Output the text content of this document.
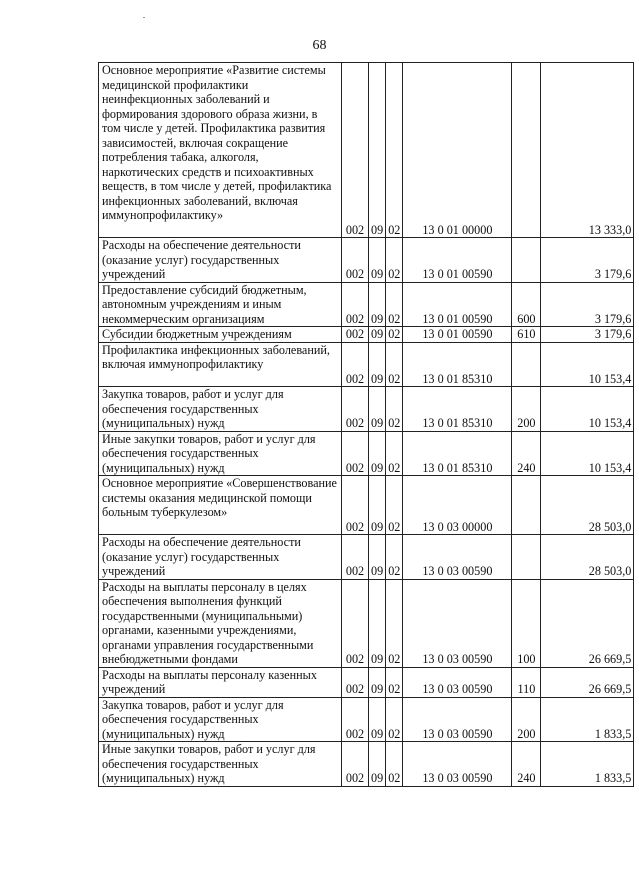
68
Основное мероприятие «Развитие системы медицинской профилактики неинфекционных заболеваний и формирования здорового образа жизни, в том числе у детей. Профилактика развития зависимостей, включая сокращение потребления табака, алкоголя, наркотических средств и психоактивных веществ, в том числе у детей, профилактика инфекционных заболеваний, включая иммунопрофилактику»	002	09	02	13 0 01 00000		13 333,0
Расходы на обеспечение деятельности (оказание услуг) государственных учреждений	002	09	02	13 0 01 00590		3 179,6
Предоставление субсидий бюджетным, автономным учреждениям и иным некоммерческим организациям	002	09	02	13 0 01 00590	600	3 179,6
Субсидии бюджетным учреждениям	002	09	02	13 0 01 00590	610	3 179,6
Профилактика инфекционных заболеваний, включая иммунопрофилактику	002	09	02	13 0 01 85310		10 153,4
Закупка товаров, работ и услуг для обеспечения государственных (муниципальных) нужд	002	09	02	13 0 01 85310	200	10 153,4
Иные закупки товаров, работ и услуг для обеспечения государственных (муниципальных) нужд	002	09	02	13 0 01 85310	240	10 153,4
Основное мероприятие «Совершенствование системы оказания медицинской помощи больным туберкулезом»	002	09	02	13 0 03 00000		28 503,0
Расходы на обеспечение деятельности (оказание услуг) государственных учреждений	002	09	02	13 0 03 00590		28 503,0
Расходы на выплаты персоналу в целях обеспечения выполнения функций государственными (муниципальными) органами, казенными учреждениями, органами управления государственными внебюджетными фондами	002	09	02	13 0 03 00590	100	26 669,5
Расходы на выплаты персоналу казенных учреждений	002	09	02	13 0 03 00590	110	26 669,5
Закупка товаров, работ и услуг для обеспечения государственных (муниципальных) нужд	002	09	02	13 0 03 00590	200	1 833,5
Иные закупки товаров, работ и услуг для обеспечения государственных (муниципальных) нужд	002	09	02	13 0 03 00590	240	1 833,5
